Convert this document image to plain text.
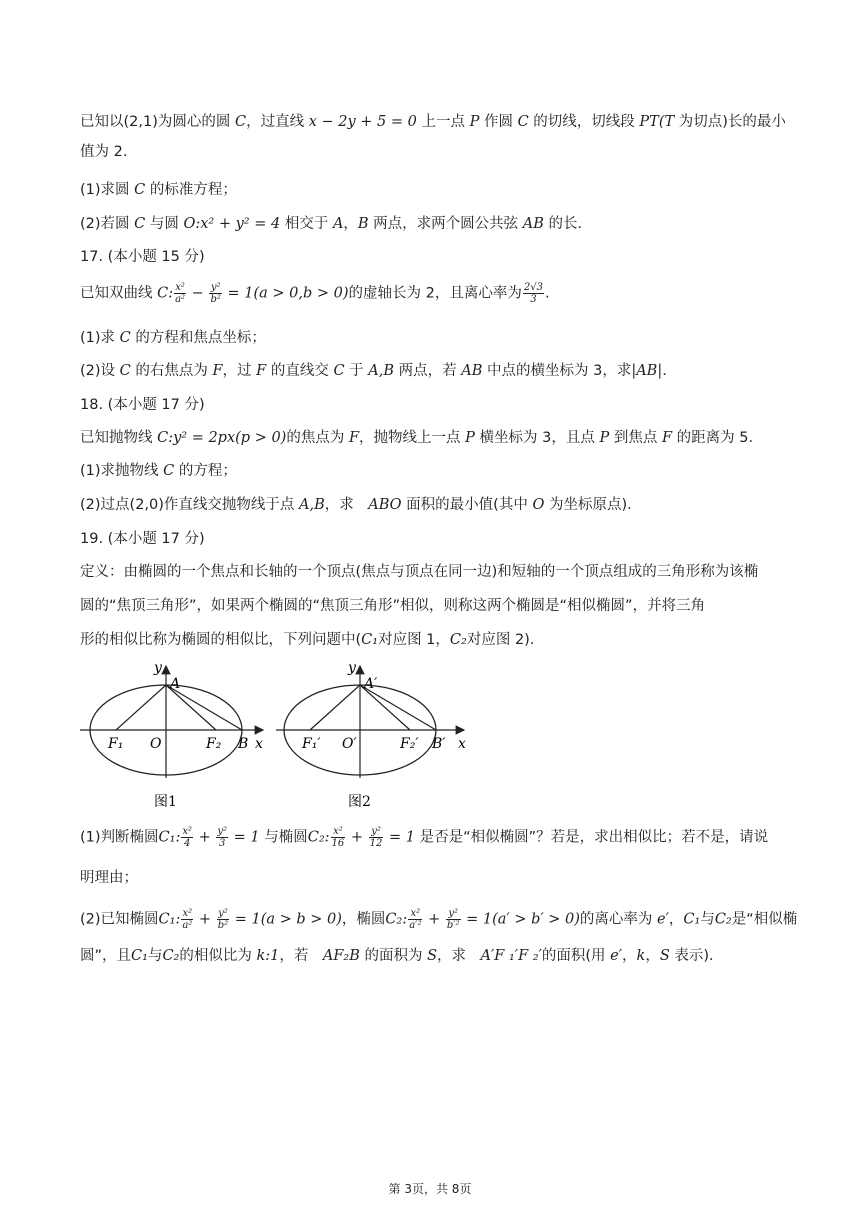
已知以(2,1)为圆心的圆 C，过直线 x − 2y + 5 = 0 上一点 P 作圆 C 的切线，切线段 PT(T 为切点)长的最小
值为 2．
(1)求圆 C 的标准方程；
(2)若圆 C 与圆 O:x² + y² = 4 相交于 A，B 两点，求两个圆公共弦 AB 的长．
17. (本小题 15 分)
已知双曲线 C: $\frac{\text{x²}}{\text{a²}} - \frac{\text{y²}}{\text{b²}} = 1(a > 0,b > 0)$的虚轴长为 2，且离心率为 $\frac{2√3}{3}$ .
(1)求 C 的方程和焦点坐标；
(2)设 C 的右焦点为 F，过 F 的直线交 C 于 A,B 两点，若 AB 中点的横坐标为 3，求|AB|.
18. (本小题 17 分)
已知抛物线 C:y² = 2px(p > 0)的焦点为 F，抛物线上一点 P 横坐标为 3，且点 P 到焦点 F 的距离为 5．
(1)求抛物线 C 的方程；
(2)过点(2,0)作直线交抛物线于点 A,B，求　ABO 面积的最小值(其中 O 为坐标原点)．
19. (本小题 17 分)
定义：由椭圆的一个焦点和长轴的一个顶点(焦点与顶点在同一边)和短轴的一个顶点组成的三角形称为该椭
圆的“焦顶三角形”，如果两个椭圆的“焦顶三角形”相似，则称这两个椭圆是“相似椭圆”，并将三角
形的相似比称为椭圆的相似比，下列问题中(C₁对应图 1，C₂对应图 2)．
y
A
F₁ O	F₂ B x
图1
y
A′
F₁′ O′	F₂′ B′ x
图2
(1)判断椭圆C₁: $\frac{\text{x²}}{4} + \frac{\text{y²}}{3} = 1$ 与椭圆C₂: $\frac{\text{x²}}{16} + \frac{\text{y²}}{12} = 1$ 是否是“相似椭圆”？若是，求出相似比；若不是，请说
明理由；
(2)已知椭圆C₁: $\frac{\text{x²}}{\text{a²}} + \frac{\text{y²}}{\text{b²}} = 1(a > b > 0)$，椭圆C₂: $\frac{\text{x²}}{\text{a′²}} + \frac{\text{y²}}{\text{b′²}} = 1(a' > b' > 0)$的离心率为 e′，C₁与C₂是“相似椭
圆”，且C₁与C₂的相似比为 k:1，若　AF₂B 的面积为 S，求　A′F ₁′F ₂′的面积(用 e′，k，S 表示)．
第 3页，共 8页
